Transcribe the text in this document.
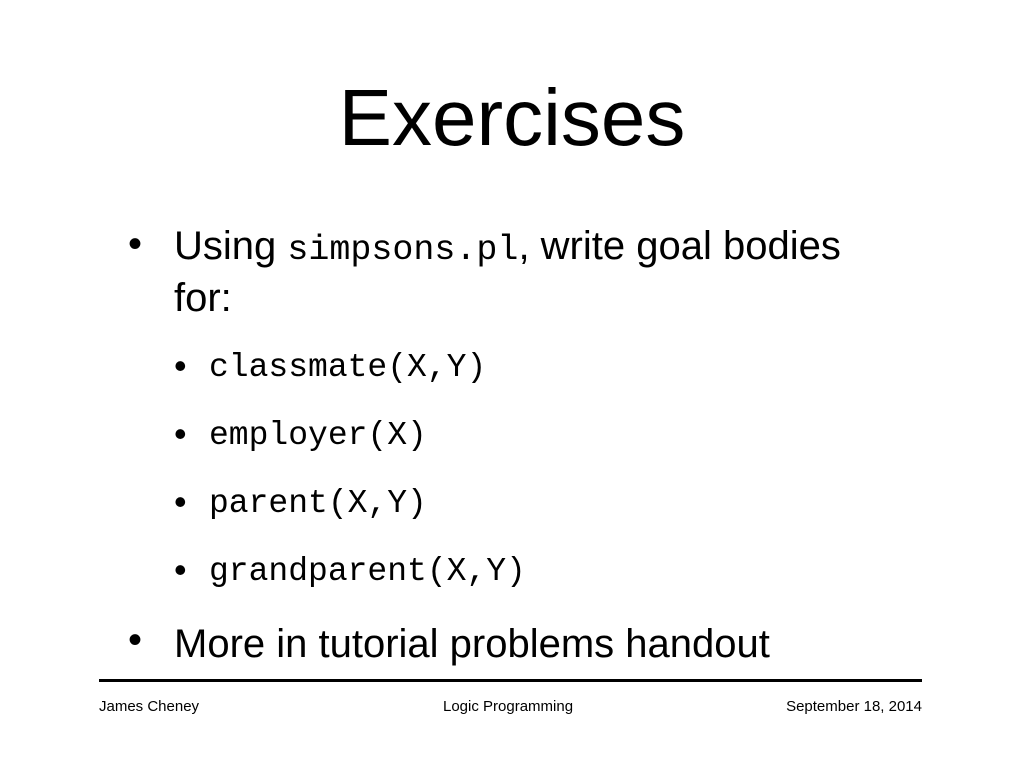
Exercises
• Using simpsons.pl, write goal bodies
for:
• classmate(X,Y)
• employer(X)
• parent(X,Y)
• grandparent(X,Y)
• More in tutorial problems handout
James Cheney	Logic Programming	September 18, 2014
